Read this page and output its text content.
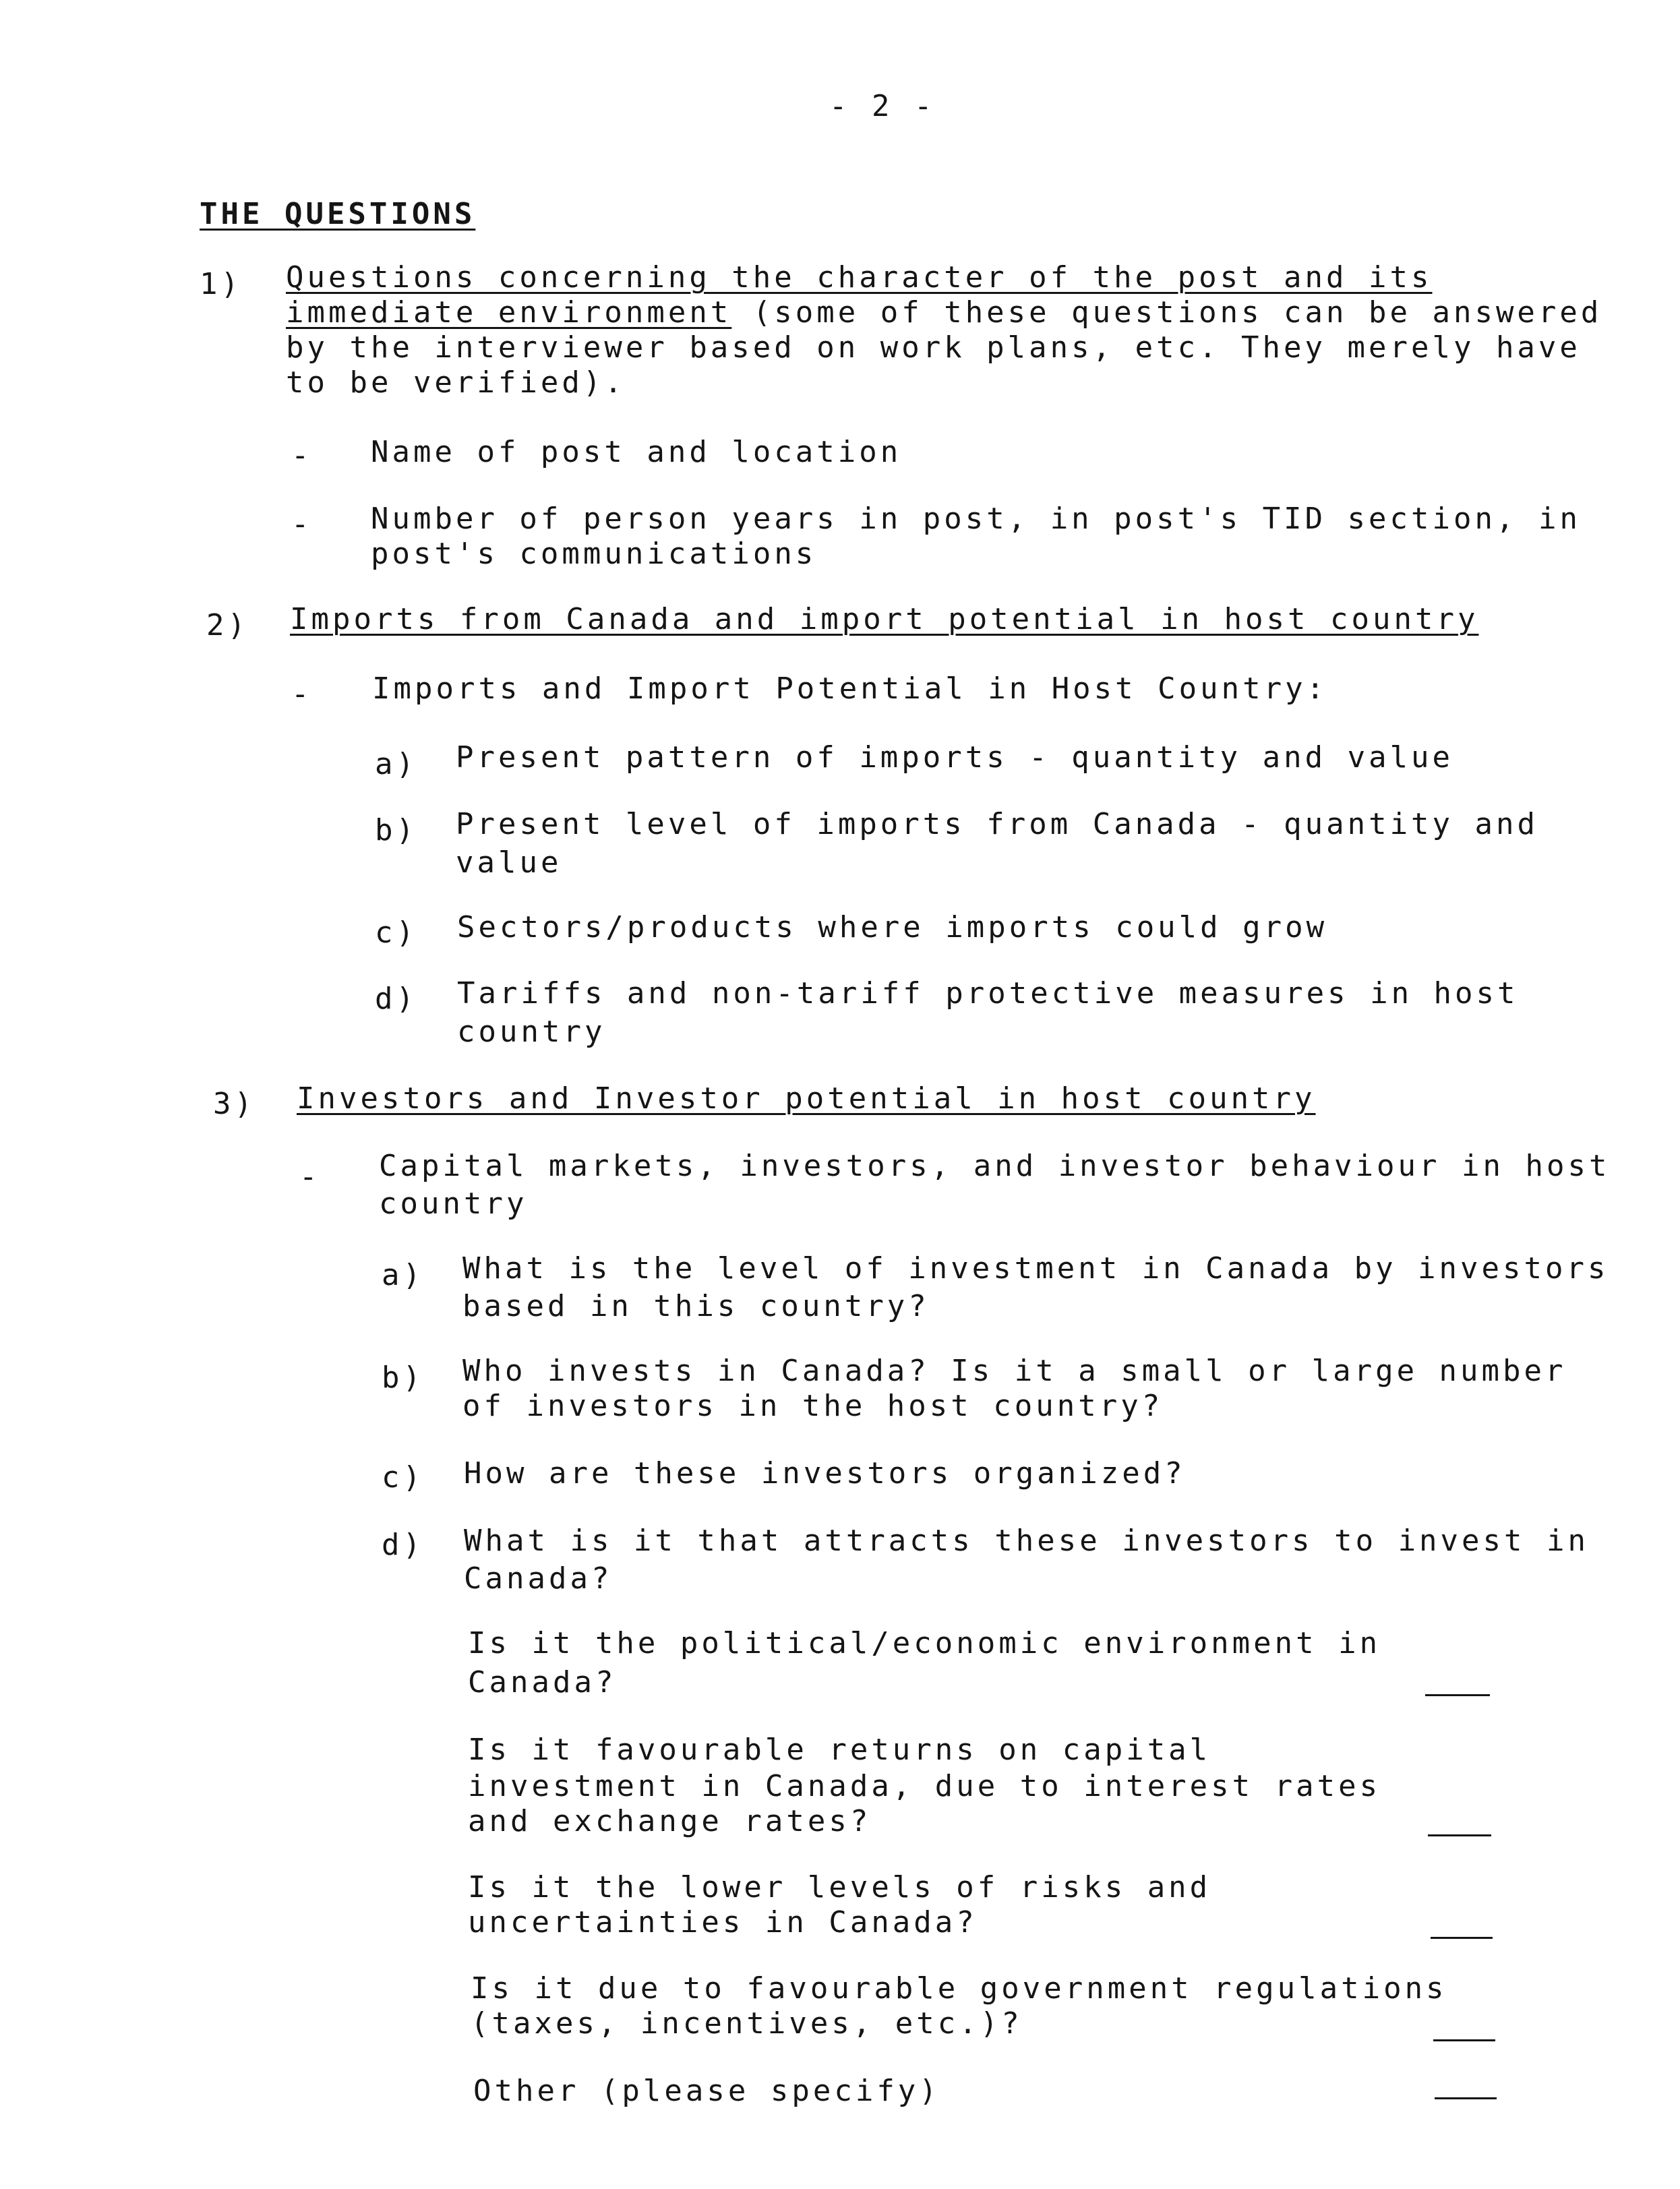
- 2 -

THE QUESTIONS

1) Questions concerning the character of the post and its

immediate environment (some of these questions can be answered

by the interviewer based on work plans, etc. They merely have

to be verified).

- Name of post and location

- Number of person years in post, in post's TID section, in

post's communications

2) Imports from Canada and import potential in host country

- Imports and Import Potential in Host Country:

a) Present pattern of imports - quantity and value

b) Present level of imports from Canada - quantity and

value

c) Sectors/products where imports could grow

d) Tariffs and non-tariff protective measures in host

country

3) Investors and Investor potential in host country

- Capital markets, investors, and investor behaviour in host

country

a) What is the level of investment in Canada by investors

based in this country?

b) Who invests in Canada? Is it a small or large number

of investors in the host country?

c) How are these investors organized?

d) What is it that attracts these investors to invest in

Canada?

Is it the political/economic environment in

Canada?

Is it favourable returns on capital

investment in Canada, due to interest rates

and exchange rates?

Is it the lower levels of risks and

uncertainties in Canada?

Is it due to favourable government regulations

(taxes, incentives, etc.)?

Other (please specify)
